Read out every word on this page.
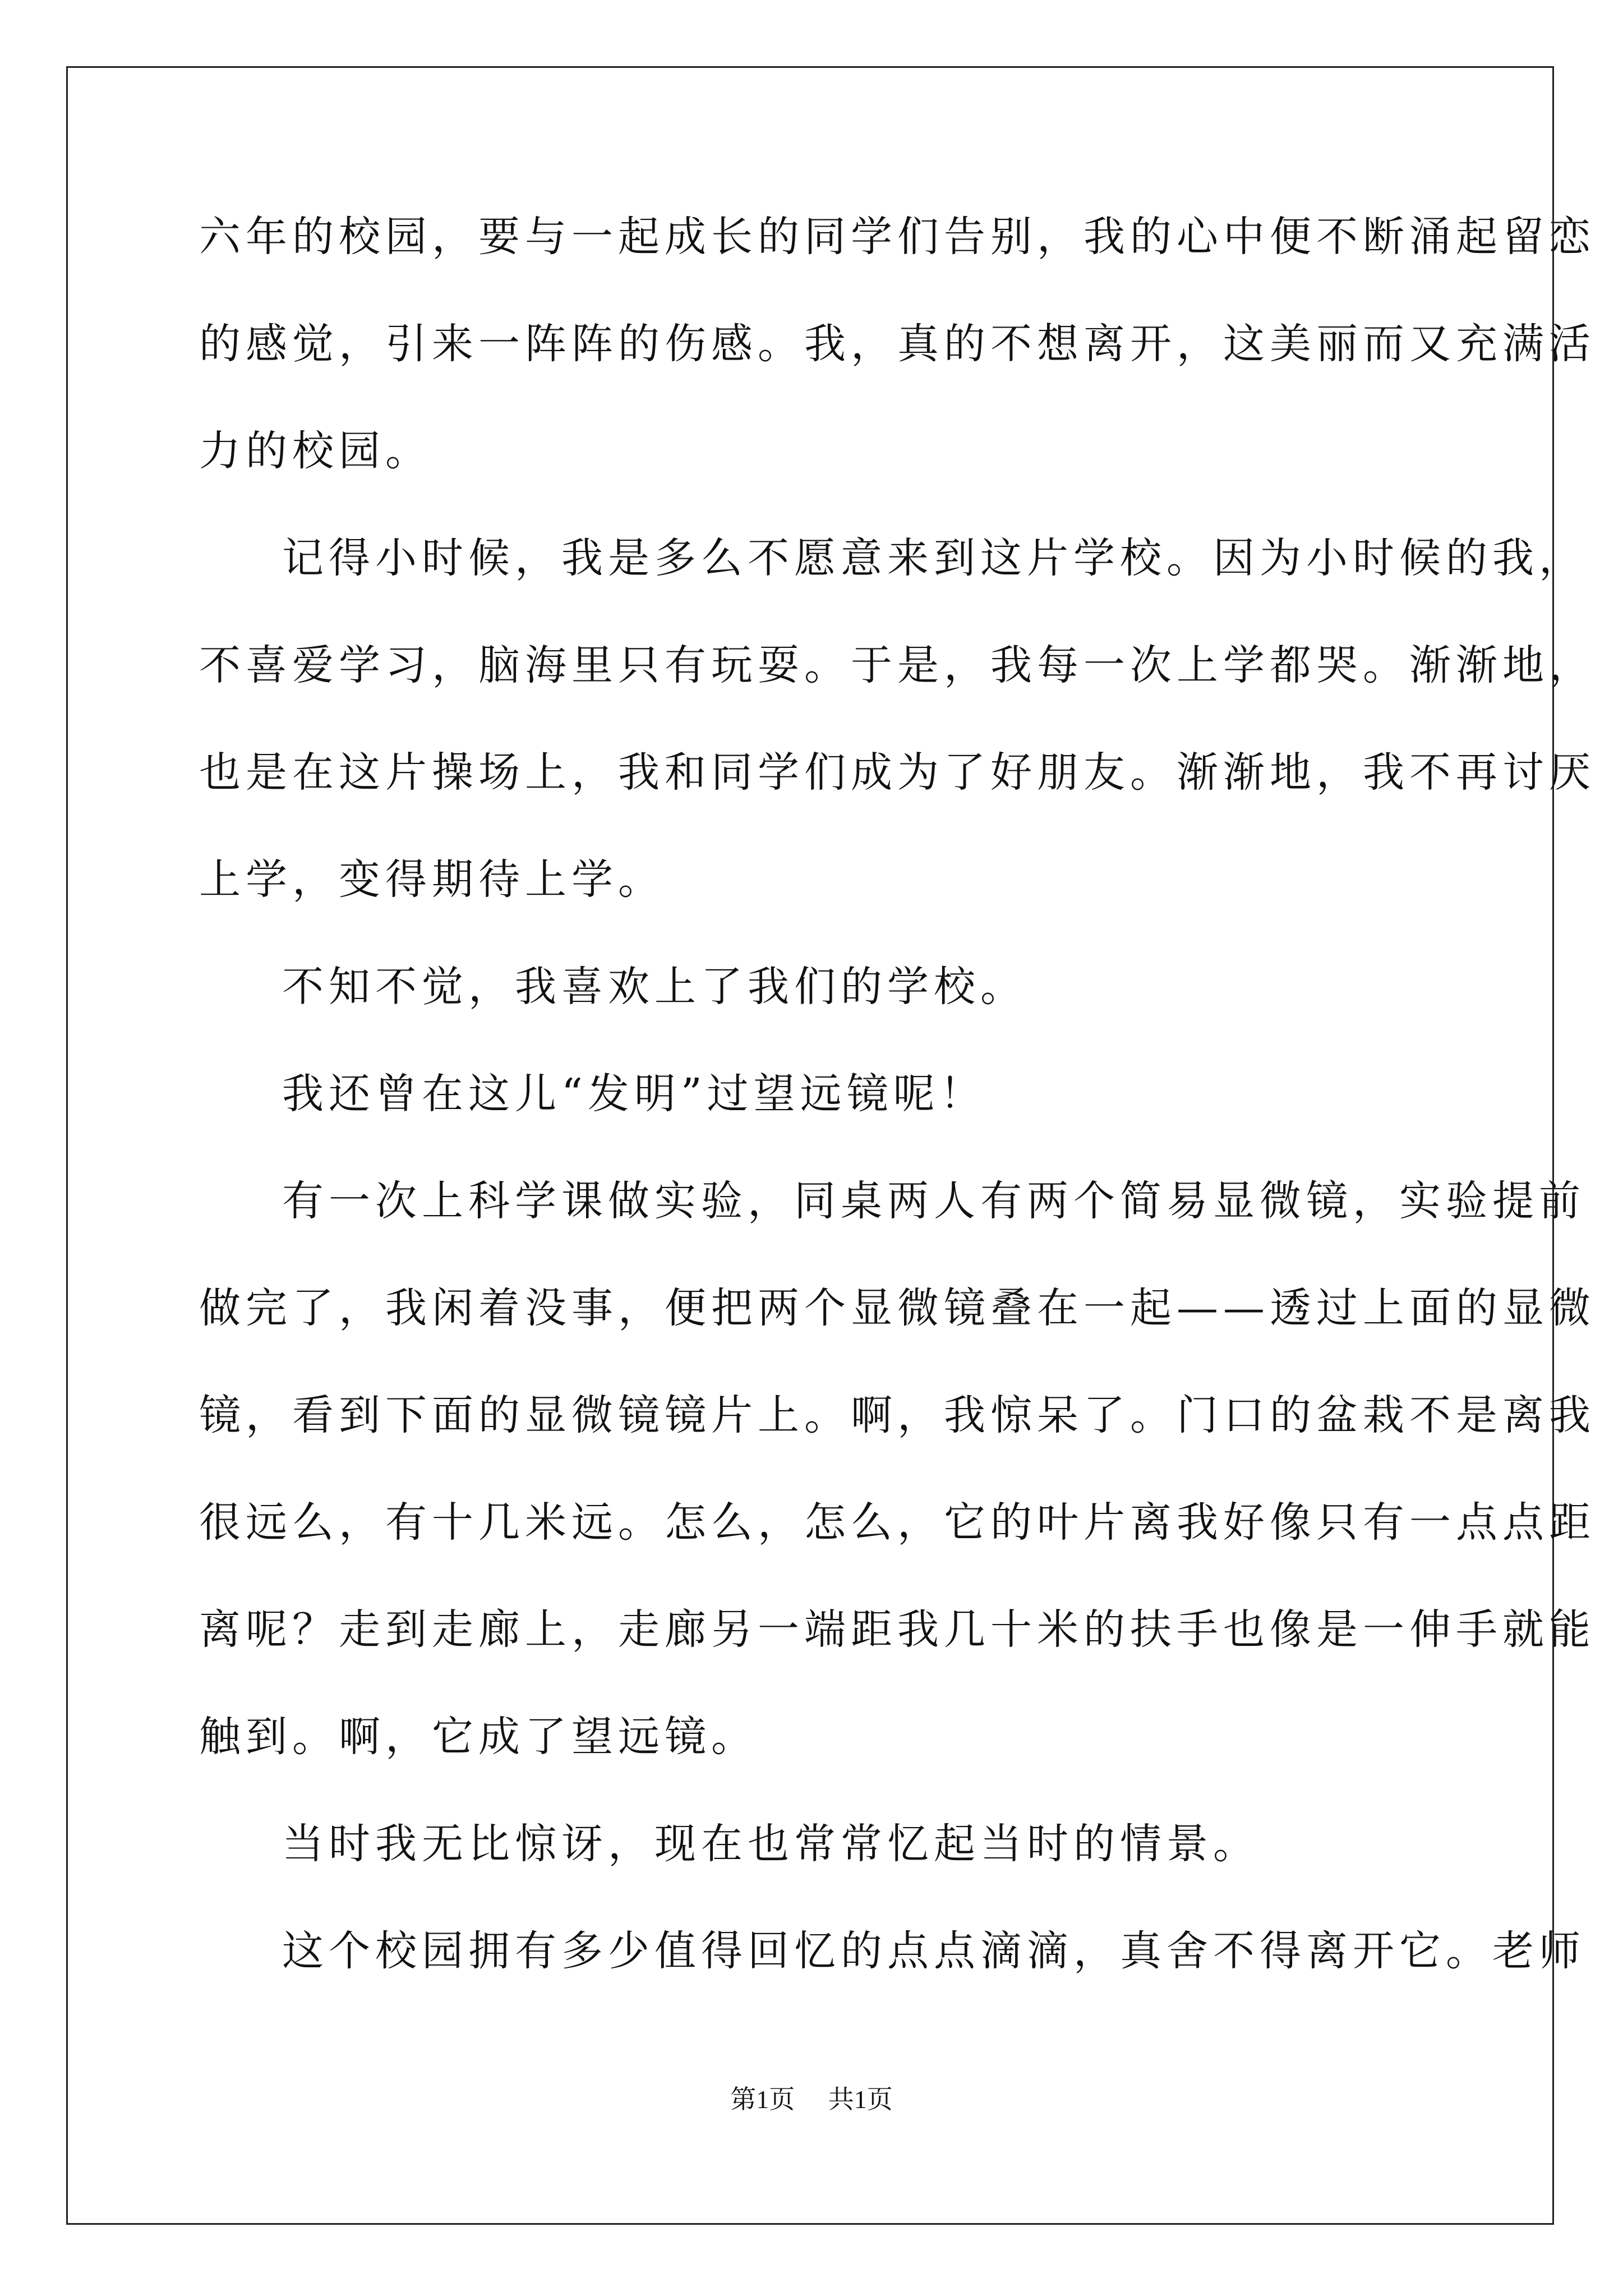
六年的校园，要与一起成长的同学们告别，我的心中便不断涌起留恋
的感觉，引来一阵阵的伤感。我，真的不想离开，这美丽而又充满活
力的校园。
记得小时候，我是多么不愿意来到这片学校。因为小时候的我，
不喜爱学习，脑海里只有玩耍。于是，我每一次上学都哭。渐渐地，
也是在这片操场上，我和同学们成为了好朋友。渐渐地，我不再讨厌
上学，变得期待上学。
不知不觉，我喜欢上了我们的学校。
我还曾在这儿“发明”过望远镜呢！
有一次上科学课做实验，同桌两人有两个简易显微镜，实验提前
做完了，我闲着没事，便把两个显微镜叠在一起——透过上面的显微
镜，看到下面的显微镜镜片上。啊，我惊呆了。门口的盆栽不是离我
很远么，有十几米远。怎么，怎么，它的叶片离我好像只有一点点距
离呢？走到走廊上，走廊另一端距我几十米的扶手也像是一伸手就能
触到。啊，它成了望远镜。
当时我无比惊讶，现在也常常忆起当时的情景。
这个校园拥有多少值得回忆的点点滴滴，真舍不得离开它。老师
第1页 共1页
